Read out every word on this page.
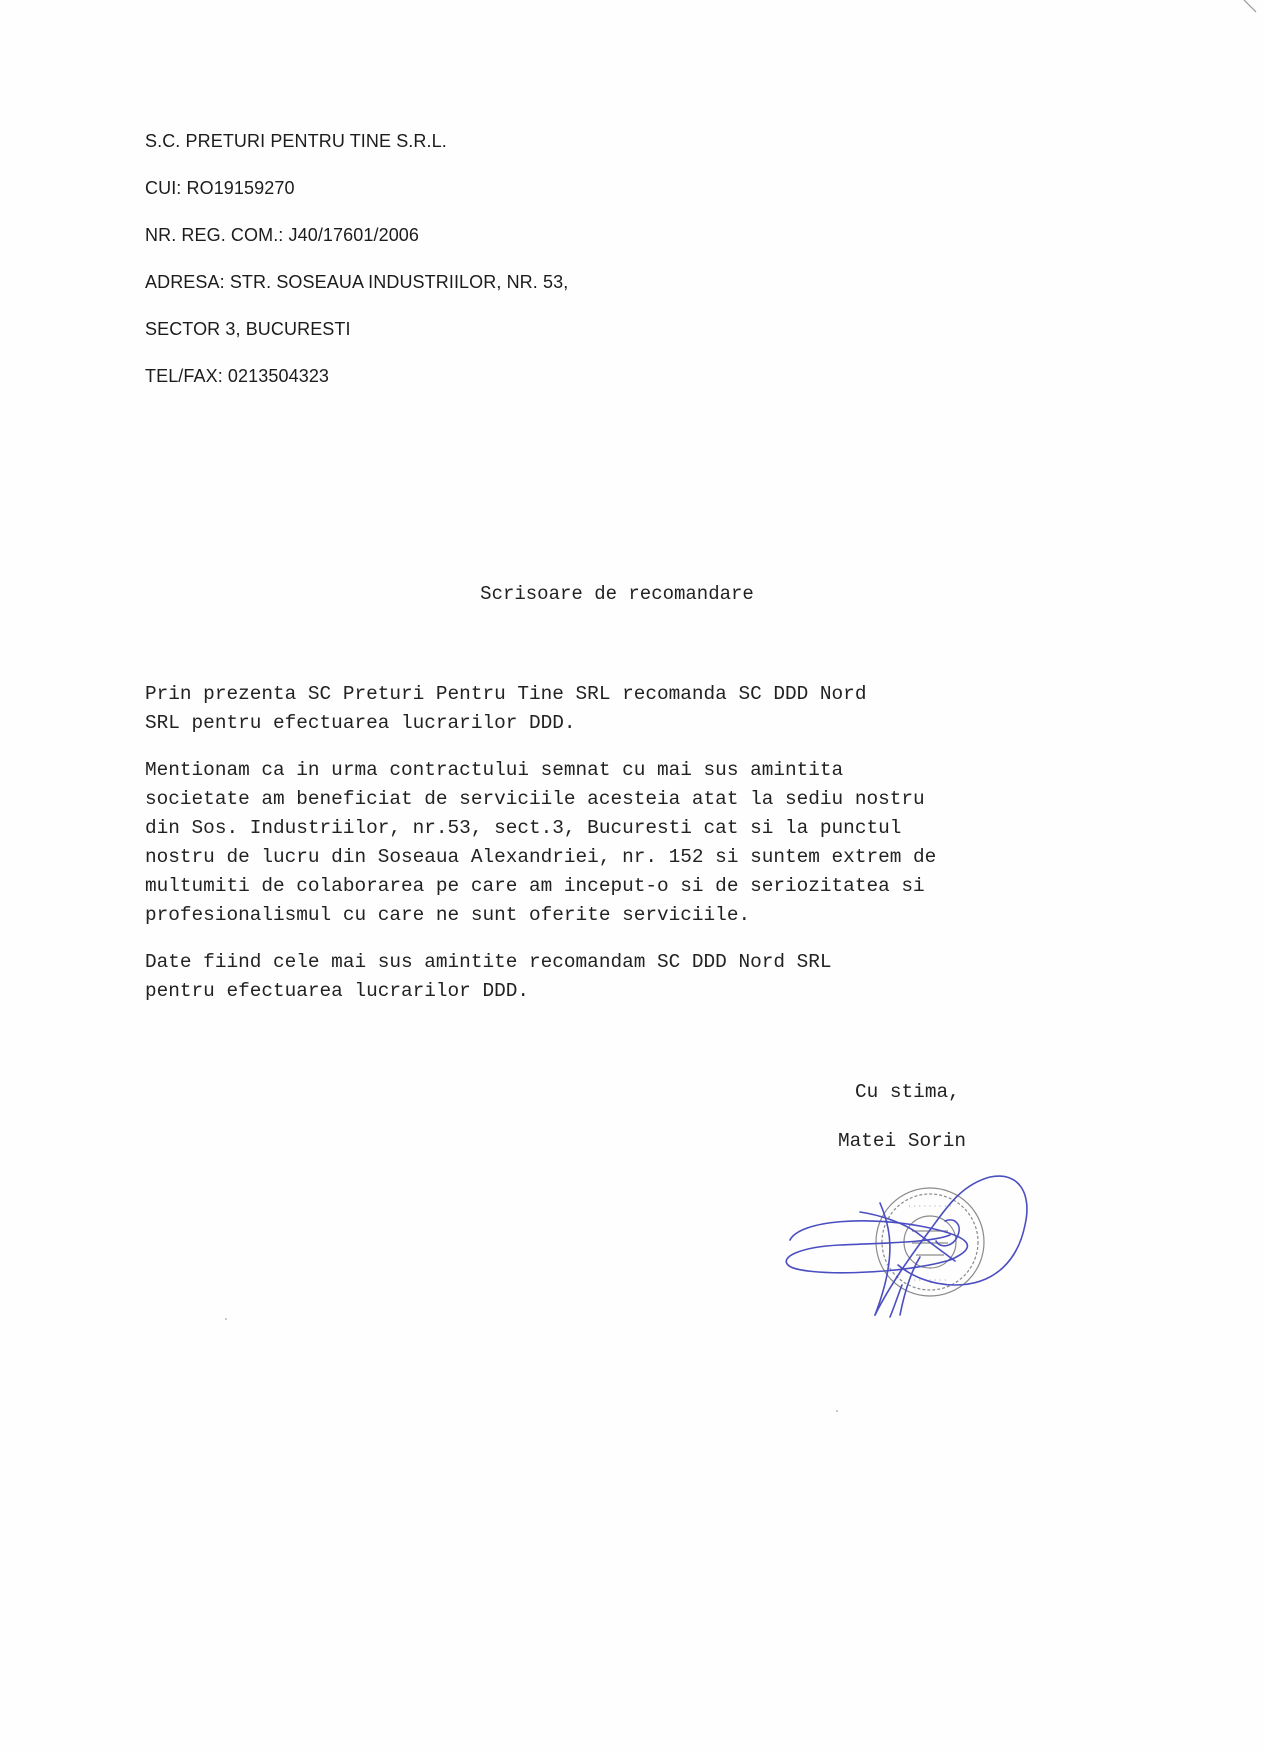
S.C. PRETURI PENTRU TINE S.R.L.
CUI: RO19159270
NR. REG. COM.: J40/17601/2006
ADRESA: STR. SOSEAUA INDUSTRIILOR, NR. 53,
SECTOR 3, BUCURESTI
TEL/FAX: 0213504323
Scrisoare de recomandare

Prin prezenta SC Preturi Pentru Tine SRL recomanda SC DDD Nord
SRL pentru efectuarea lucrarilor DDD.

Mentionam ca in urma contractului semnat cu mai sus amintita
societate am beneficiat de serviciile acesteia atat la sediu nostru
din Sos. Industriilor, nr.53, sect.3, Bucuresti cat si la punctul
nostru de lucru din Soseaua Alexandriei, nr. 152 si suntem extrem de
multumiti de colaborarea pe care am inceput-o si de seriozitatea si
profesionalismul cu care ne sunt oferite serviciile.

Date fiind cele mai sus amintite recomandam SC DDD Nord SRL
pentru efectuarea lucrarilor DDD.

Cu stima,
Matei Sorin
· · · · · · · · ·
· · · · · · ·
